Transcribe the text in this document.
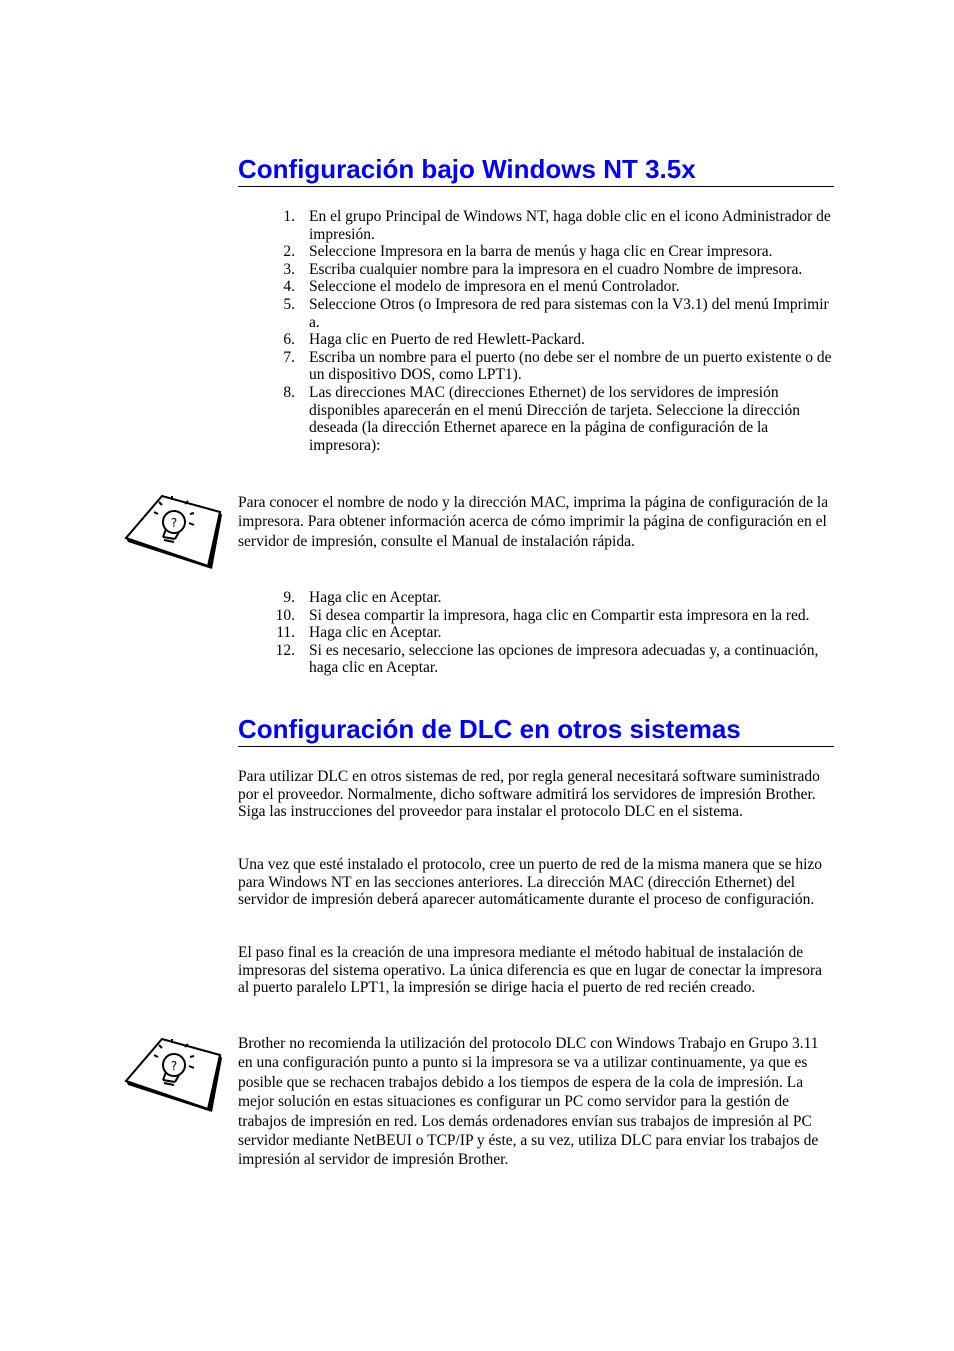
Configuración bajo Windows NT 3.5x
1. En el grupo Principal de Windows NT, haga doble clic en el icono Administrador de impresión.
2. Seleccione Impresora en la barra de menús y haga clic en Crear impresora.
3. Escriba cualquier nombre para la impresora en el cuadro Nombre de impresora.
4. Seleccione el modelo de impresora en el menú Controlador.
5. Seleccione Otros (o Impresora de red para sistemas con la V3.1) del menú Imprimir a.
6. Haga clic en Puerto de red Hewlett-Packard.
7. Escriba un nombre para el puerto (no debe ser el nombre de un puerto existente o de un dispositivo DOS, como LPT1).
8. Las direcciones MAC (direcciones Ethernet) de los servidores de impresión disponibles aparecerán en el menú Dirección de tarjeta. Seleccione la dirección deseada (la dirección Ethernet aparece en la página de configuración de la impresora):
?

Para conocer el nombre de nodo y la dirección MAC, imprima la página de configuración de la impresora. Para obtener información acerca de cómo imprimir la página de configuración en el servidor de impresión, consulte el Manual de instalación rápida.

9. Haga clic en Aceptar.
10. Si desea compartir la impresora, haga clic en Compartir esta impresora en la red.
11. Haga clic en Aceptar.
12. Si es necesario, seleccione las opciones de impresora adecuadas y, a continuación, haga clic en Aceptar.
Configuración de DLC en otros sistemas

Para utilizar DLC en otros sistemas de red, por regla general necesitará software suministrado por el proveedor. Normalmente, dicho software admitirá los servidores de impresión Brother. Siga las instrucciones del proveedor para instalar el protocolo DLC en el sistema.

Una vez que esté instalado el protocolo, cree un puerto de red de la misma manera que se hizo para Windows NT en las secciones anteriores. La dirección MAC (dirección Ethernet) del servidor de impresión deberá aparecer automáticamente durante el proceso de configuración.

El paso final es la creación de una impresora mediante el método habitual de instalación de impresoras del sistema operativo. La única diferencia es que en lugar de conectar la impresora al puerto paralelo LPT1, la impresión se dirige hacia el puerto de red recién creado.

?

Brother no recomienda la utilización del protocolo DLC con Windows Trabajo en Grupo 3.11 en una configuración punto a punto si la impresora se va a utilizar continuamente, ya que es posible que se rechacen trabajos debido a los tiempos de espera de la cola de impresión. La mejor solución en estas situaciones es configurar un PC como servidor para la gestión de trabajos de impresión en red. Los demás ordenadores envían sus trabajos de impresión al PC servidor mediante NetBEUI o TCP/IP y éste, a su vez, utiliza DLC para enviar los trabajos de impresión al servidor de impresión Brother.
